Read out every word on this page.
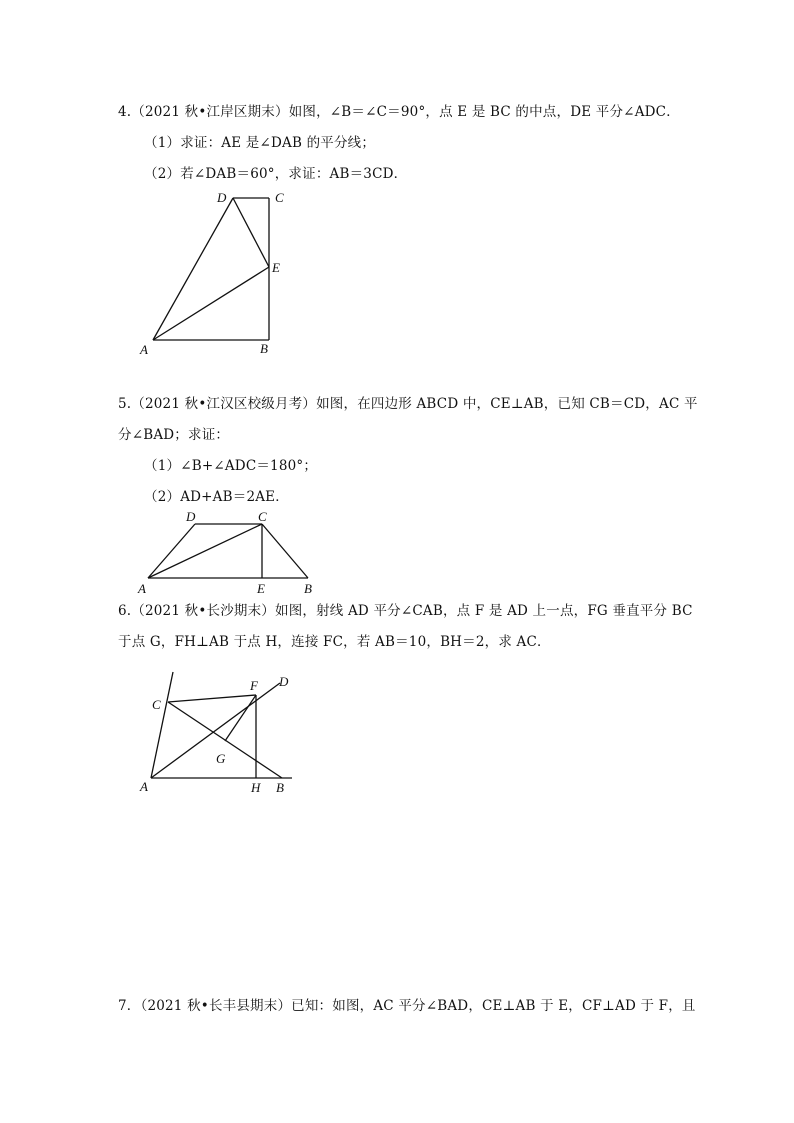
4.（2021 秋•江岸区期末）如图，∠B＝∠C＝90°，点 E 是 BC 的中点，DE 平分∠ADC．
（1）求证：AE 是∠DAB 的平分线；
（2）若∠DAB＝60°，求证：AB＝3CD．
D	C
E
A	B
5.（2021 秋•江汉区校级月考）如图，在四边形 ABCD 中，CE⊥AB，已知 CB＝CD，AC 平
分∠BAD；求证：
（1）∠B+∠ADC＝180°；
（2）AD+AB＝2AE．
D	C
A	E	B
6.（2021 秋•长沙期末）如图，射线 AD 平分∠CAB，点 F 是 AD 上一点，FG 垂直平分 BC
于点 G，FH⊥AB 于点 H，连接 FC，若 AB＝10，BH＝2，求 AC．
F D
C
G
A	H B
7．（2021 秋•长丰县期末）已知：如图，AC 平分∠BAD，CE⊥AB 于 E，CF⊥AD 于 F，且
